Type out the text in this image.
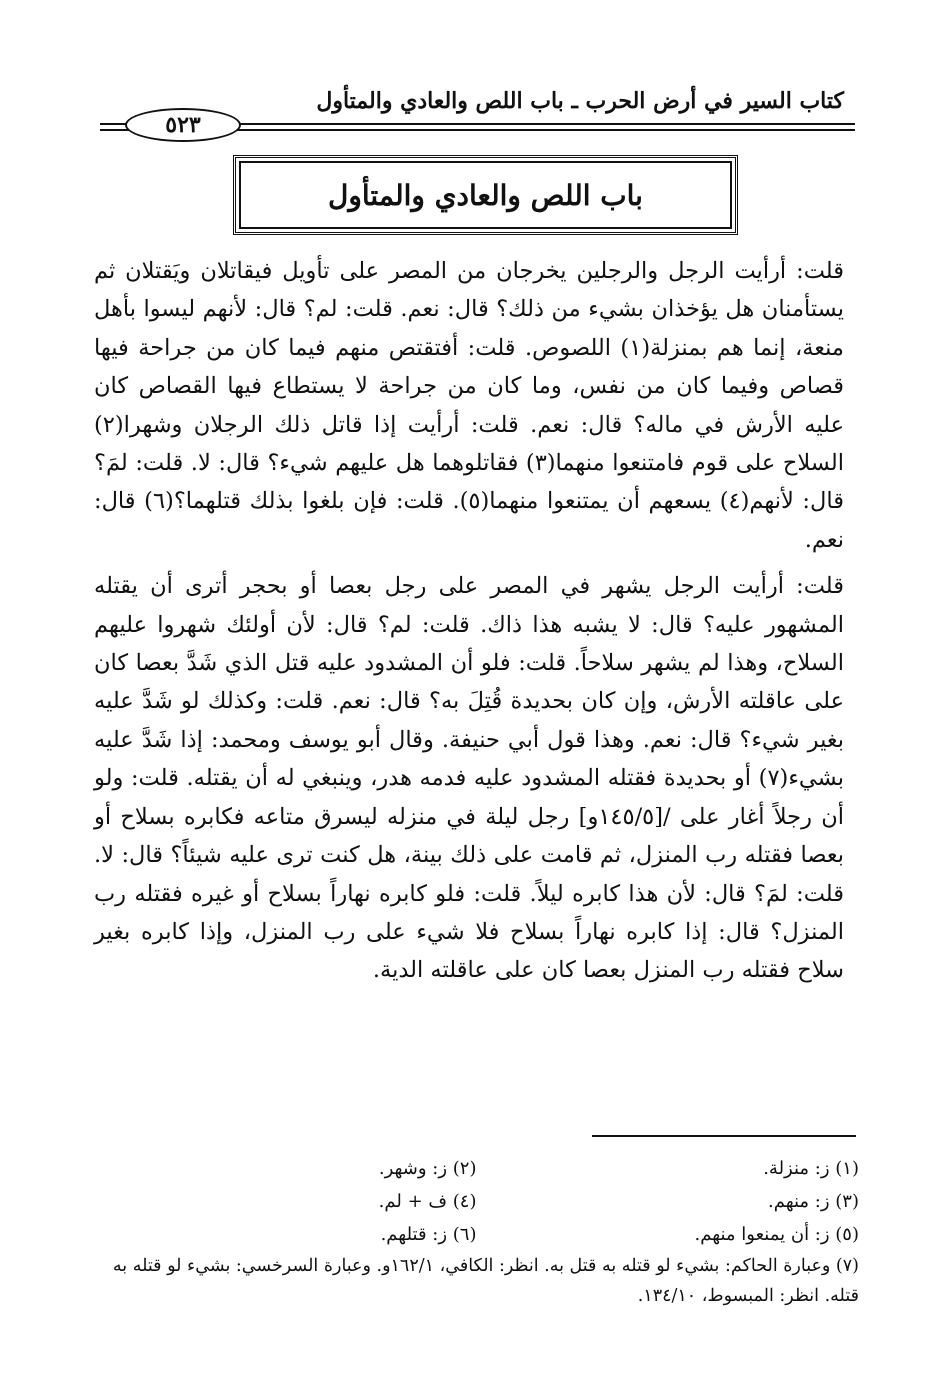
كتاب السير في أرض الحرب ـ باب اللص والعادي والمتأول
٥٢٣
باب اللص والعادي والمتأول

قلت: أرأيت الرجل والرجلين يخرجان من المصر على تأويل فيقاتلان ويَقتلان ثم يستأمنان هل يؤخذان بشيء من ذلك؟ قال: نعم. قلت: لم؟ قال: لأنهم ليسوا بأهل منعة، إنما هم بمنزلة(١) اللصوص. قلت: أفتقتص منهم فيما كان من جراحة فيها قصاص وفيما كان من نفس، وما كان من جراحة لا يستطاع فيها القصاص كان عليه الأرش في ماله؟ قال: نعم. قلت: أرأيت إذا قاتل ذلك الرجلان وشهرا(٢) السلاح على قوم فامتنعوا منهما(٣) فقاتلوهما هل عليهم شيء؟ قال: لا. قلت: لمَ؟ قال: لأنهم(٤) يسعهم أن يمتنعوا منهما(٥). قلت: فإن بلغوا بذلك قتلهما؟(٦) قال: نعم.

قلت: أرأيت الرجل يشهر في المصر على رجل بعصا أو بحجر أترى أن يقتله المشهور عليه؟ قال: لا يشبه هذا ذاك. قلت: لم؟ قال: لأن أولئك شهروا عليهم السلاح، وهذا لم يشهر سلاحاً. قلت: فلو أن المشدود عليه قتل الذي شَدَّ بعصا كان على عاقلته الأرش، وإن كان بحديدة قُتِلَ به؟ قال: نعم. قلت: وكذلك لو شَدَّ عليه بغير شيء؟ قال: نعم. وهذا قول أبي حنيفة. وقال أبو يوسف ومحمد: إذا شَدَّ عليه بشيء(٧) أو بحديدة فقتله المشدود عليه فدمه هدر، وينبغي له أن يقتله. قلت: ولو أن رجلاً أغار على /[١٤٥/٥و] رجل ليلة في منزله ليسرق متاعه فكابره بسلاح أو بعصا فقتله رب المنزل، ثم قامت على ذلك بينة، هل كنت ترى عليه شيئاً؟ قال: لا. قلت: لمَ؟ قال: لأن هذا كابره ليلاً. قلت: فلو كابره نهاراً بسلاح أو غيره فقتله رب المنزل؟ قال: إذا كابره نهاراً بسلاح فلا شيء على رب المنزل، وإذا كابره بغير سلاح فقتله رب المنزل بعصا كان على عاقلته الدية.

(١) ز: منزلة.
(٢) ز: وشهر.
(٣) ز: منهم.
(٤) ف + لم.
(٥) ز: أن يمنعوا منهم.
(٦) ز: قتلهم.
(٧) وعبارة الحاكم: بشيء لو قتله به قتل به. انظر: الكافي، ١٦٢/١و. وعبارة السرخسي: بشيء لو قتله به قتله. انظر: المبسوط، ١٣٤/١٠.
